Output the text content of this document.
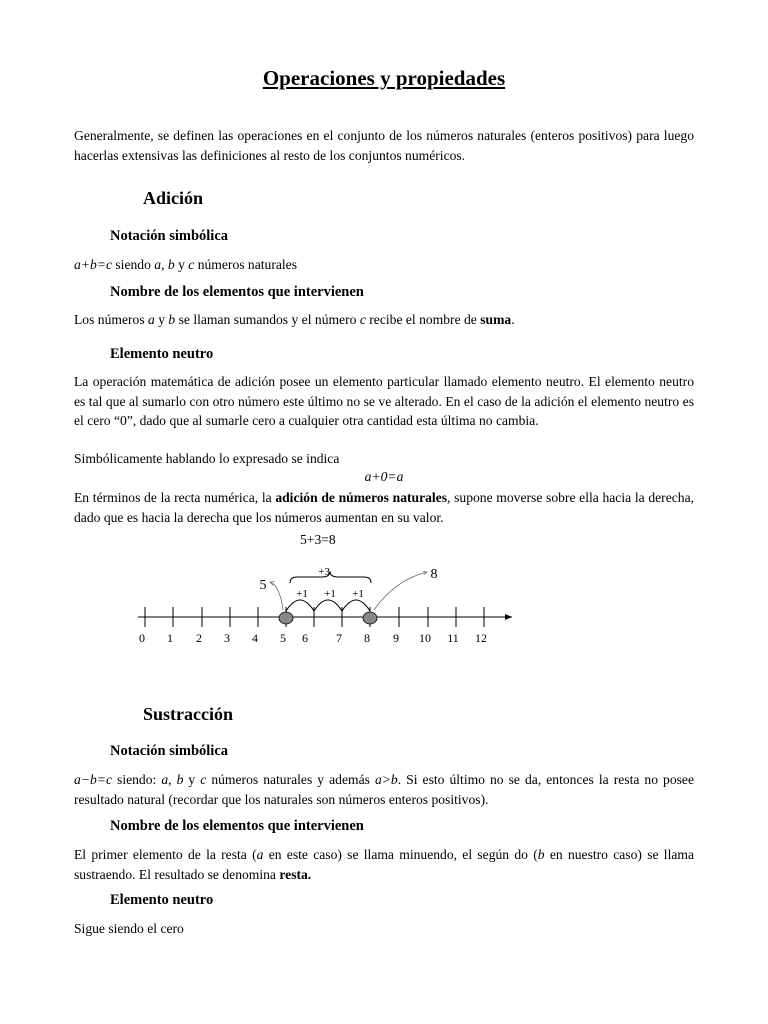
Operaciones y propiedades
Generalmente, se definen las operaciones en el conjunto de los números naturales (enteros positivos) para luego hacerlas extensivas las definiciones al resto de los conjuntos numéricos.
Adición
Notación simbólica
a+b=c siendo a, b y c números naturales
Nombre de los elementos que intervienen
Los números a y b se llaman sumandos y el número c recibe el nombre de suma.
Elemento neutro
La operación matemática de adición posee un elemento particular llamado elemento neutro. El elemento neutro es tal que al sumarlo con otro número este último no se ve alterado. En el caso de la adición el elemento neutro es el cero “0”, dado que al sumarle cero a cualquier otra cantidad esta última no cambia.
Simbólicamente hablando lo expresado se indica
a+0=a
En términos de la recta numérica, la adición de números naturales, supone moverse sobre ella hacia la derecha, dado que es hacia la derecha que los números aumentan en su valor.
5+3=8
0 1 2 3 4 5 6 7 8 9 10 11 12
5
8
+3
+1 +1 +1
Sustracción
Notación simbólica
a−b=c siendo: a, b y c números naturales y además a>b. Si esto último no se da, entonces la resta no posee resultado natural (recordar que los naturales son números enteros positivos).
Nombre de los elementos que intervienen
El primer elemento de la resta (a en este caso) se llama minuendo, el según do (b en nuestro caso) se llama sustraendo. El resultado se denomina resta.
Elemento neutro
Sigue siendo el cero
